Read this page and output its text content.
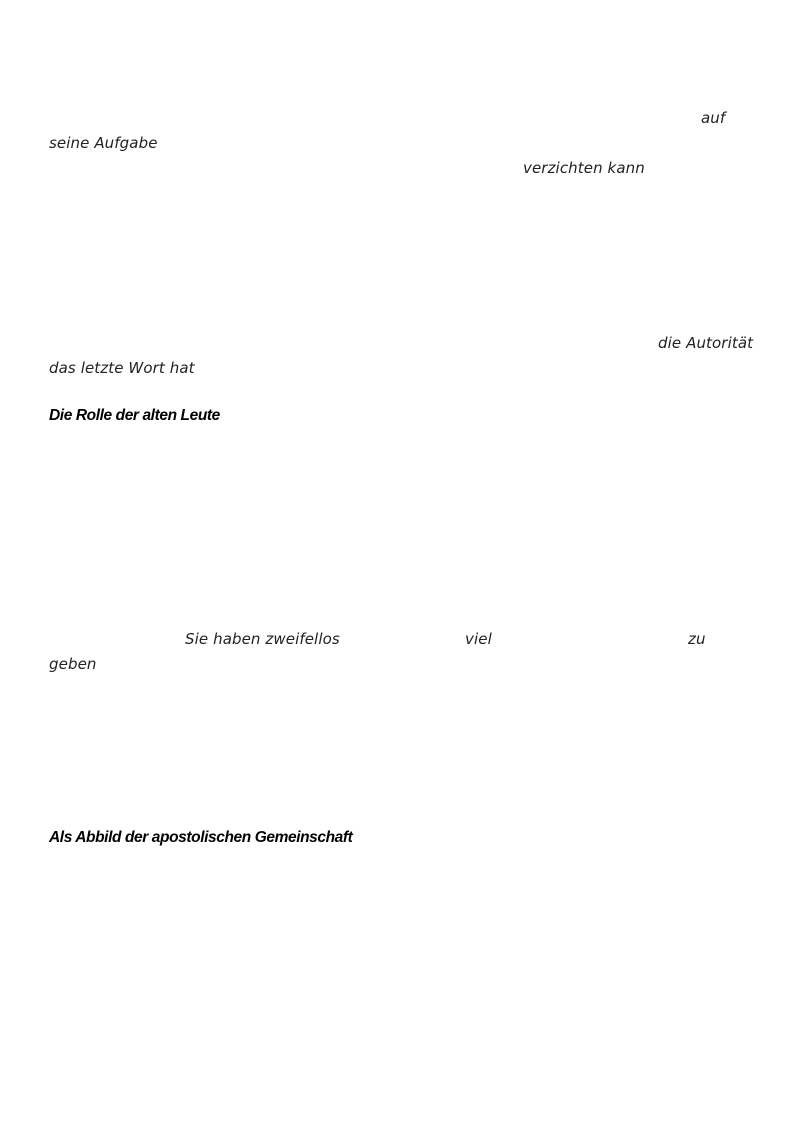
auf
seine Aufgabe
verzichten kann
die Autorität
das letzte Wort hat
Die Rolle der alten Leute
Sie haben zweifellos	viel	zu
geben
Als Abbild der apostolischen Gemeinschaft
